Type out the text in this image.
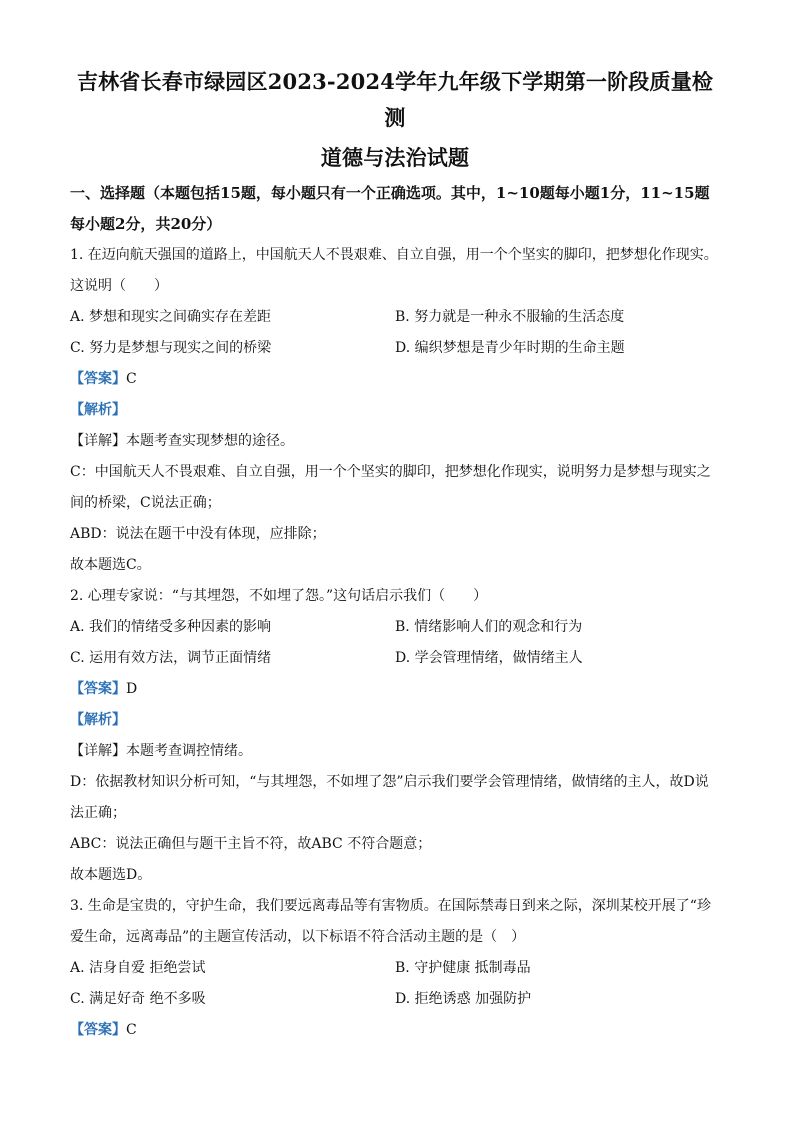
吉林省长春市绿园区2023-2024学年九年级下学期第一阶段质量检测
道德与法治试题

一、选择题（本题包括15题，每小题只有一个正确选项。其中，1~10题每小题1分，11~15题每小题2分，共20分）

1. 在迈向航天强国的道路上，中国航天人不畏艰难、自立自强，用一个个坚实的脚印，把梦想化作现实。这说明（　　）

A. 梦想和现实之间确实存在差距	B. 努力就是一种永不服输的生活态度
C. 努力是梦想与现实之间的桥梁	D. 编织梦想是青少年时期的生命主题

【答案】C

【解析】

【详解】本题考查实现梦想的途径。

C：中国航天人不畏艰难、自立自强，用一个个坚实的脚印，把梦想化作现实，说明努力是梦想与现实之间的桥梁，C说法正确；

ABD：说法在题干中没有体现，应排除；

故本题选C。

2. 心理专家说：“与其埋怨，不如埋了怨。”这句话启示我们（　　）

A. 我们的情绪受多种因素的影响	B. 情绪影响人们的观念和行为
C. 运用有效方法，调节正面情绪	D. 学会管理情绪，做情绪主人

【答案】D

【解析】

【详解】本题考查调控情绪。

D：依据教材知识分析可知，“与其埋怨，不如埋了怨”启示我们要学会管理情绪，做情绪的主人，故D说法正确；

ABC：说法正确但与题干主旨不符，故ABC 不符合题意；

故本题选D。

3. 生命是宝贵的，守护生命，我们要远离毒品等有害物质。在国际禁毒日到来之际，深圳某校开展了“珍爱生命，远离毒品”的主题宣传活动，以下标语不符合活动主题的是（　）

A. 洁身自爱 拒绝尝试	B. 守护健康 抵制毒品
C. 满足好奇 绝不多吸	D. 拒绝诱惑 加强防护

【答案】C
